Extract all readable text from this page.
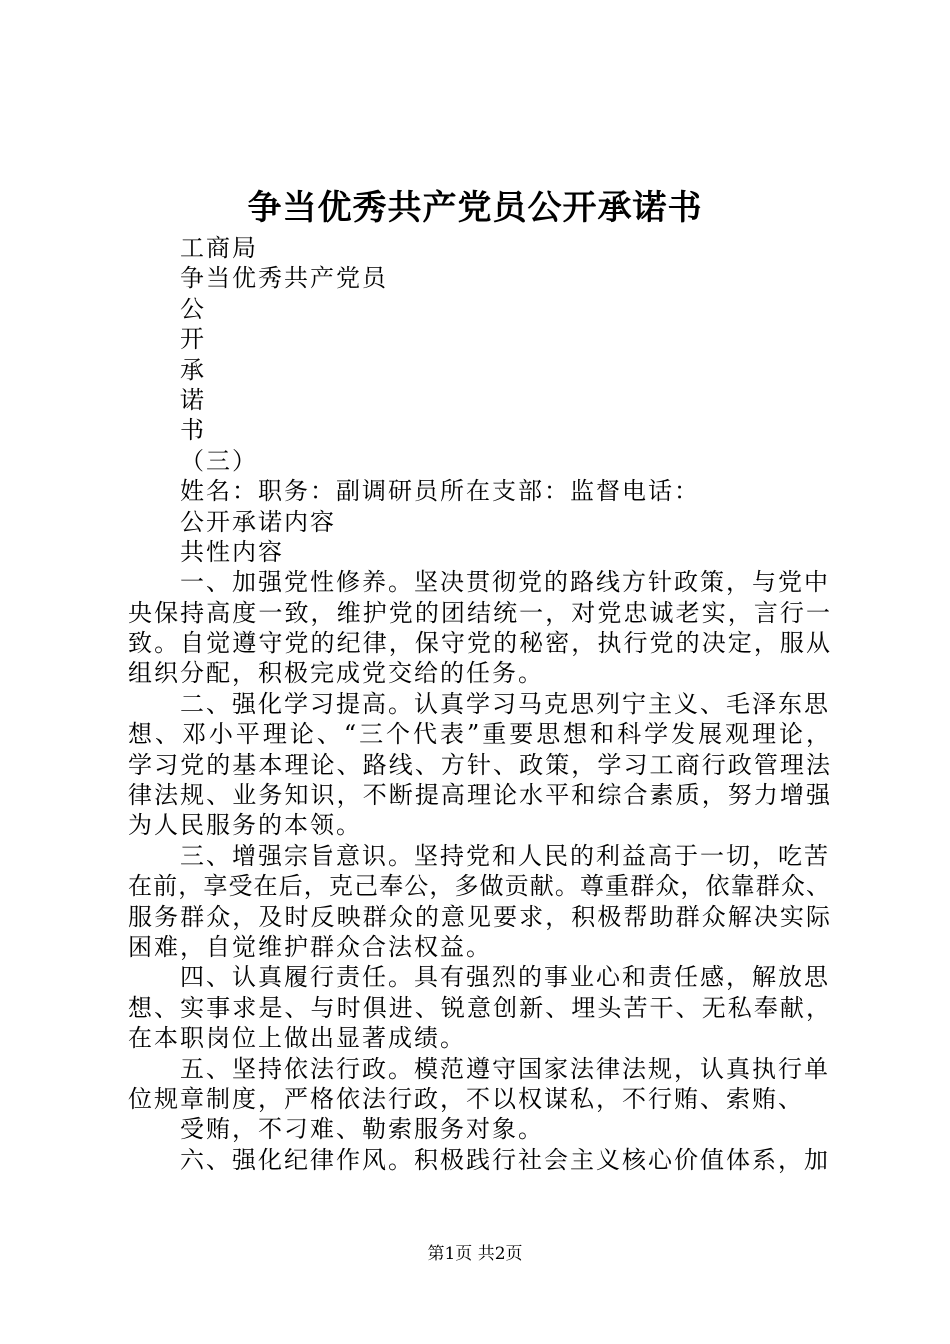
争当优秀共产党员公开承诺书
工商局
争当优秀共产党员
公
开
承
诺
书
（三）
姓名：职务：副调研员所在支部：监督电话：
公开承诺内容
共性内容
一、加强党性修养。坚决贯彻党的路线方针政策，与党中
央保持高度一致，维护党的团结统一，对党忠诚老实，言行一
致。自觉遵守党的纪律，保守党的秘密，执行党的决定，服从
组织分配，积极完成党交给的任务。
二、强化学习提高。认真学习马克思列宁主义、毛泽东思
想、邓小平理论、“三个代表”重要思想和科学发展观理论，
学习党的基本理论、路线、方针、政策，学习工商行政管理法
律法规、业务知识，不断提高理论水平和综合素质，努力增强
为人民服务的本领。
三、增强宗旨意识。坚持党和人民的利益高于一切，吃苦
在前，享受在后，克己奉公，多做贡献。尊重群众，依靠群众、
服务群众，及时反映群众的意见要求，积极帮助群众解决实际
困难，自觉维护群众合法权益。
四、认真履行责任。具有强烈的事业心和责任感，解放思
想、实事求是、与时俱进、锐意创新、埋头苦干、无私奉献，
在本职岗位上做出显著成绩。
五、坚持依法行政。模范遵守国家法律法规，认真执行单
位规章制度，严格依法行政，不以权谋私，不行贿、索贿、
受贿，不刁难、勒索服务对象。
六、强化纪律作风。积极践行社会主义核心价值体系，加
第1页 共2页
